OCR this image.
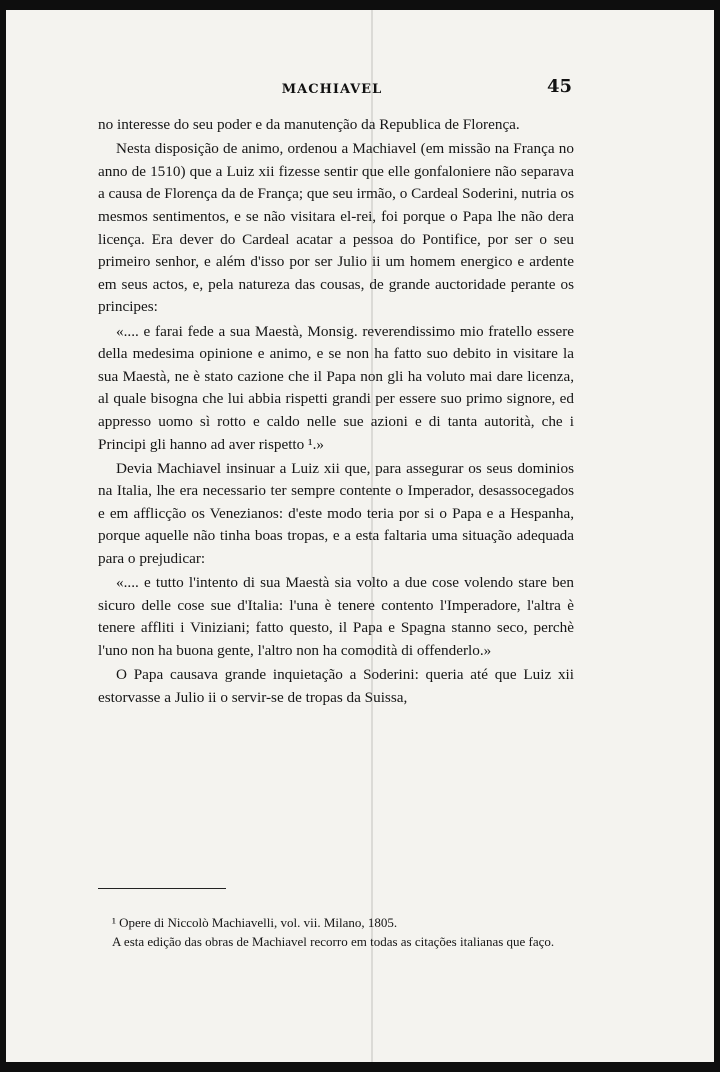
MACHIAVEL	45

no interesse do seu poder e da manutenção da Republica de Florença.

Nesta disposição de animo, ordenou a Machiavel (em missão na França no anno de 1510) que a Luiz xii fizesse sentir que elle gonfaloniere não separava a causa de Florença da de França; que seu irmão, o Cardeal Soderini, nutria os mesmos sentimentos, e se não visitara el-rei, foi porque o Papa lhe não dera licença. Era dever do Cardeal acatar a pessoa do Pontifice, por ser o seu primeiro senhor, e além d'isso por ser Julio ii um homem energico e ardente em seus actos, e, pela natureza das cousas, de grande auctoridade perante os principes:

«.... e farai fede a sua Maestà, Monsig. reverendissimo mio fratello essere della medesima opinione e animo, e se non ha fatto suo debito in visitare la sua Maestà, ne è stato cazione che il Papa non gli ha voluto mai dare licenza, al quale bisogna che lui abbia rispetti grandi per essere suo primo signore, ed appresso uomo sì rotto e caldo nelle sue azioni e di tanta autorità, che i Principi gli hanno ad aver rispetto ¹.»

Devia Machiavel insinuar a Luiz xii que, para assegurar os seus dominios na Italia, lhe era necessario ter sempre contente o Imperador, desassocegados e em afflicção os Venezianos: d'este modo teria por si o Papa e a Hespanha, porque aquelle não tinha boas tropas, e a esta faltaria uma situação adequada para o prejudicar:

«.... e tutto l'intento di sua Maestà sia volto a due cose volendo stare ben sicuro delle cose sue d'Italia: l'una è tenere contento l'Imperadore, l'altra è tenere affliti i Viniziani; fatto questo, il Papa e Spagna stanno seco, perchè l'uno non ha buona gente, l'altro non ha comodità di offenderlo.»

O Papa causava grande inquietação a Soderini: queria até que Luiz xii estorvasse a Julio ii o servir-se de tropas da Suissa,

¹ Opere di Niccolò Machiavelli, vol. vii. Milano, 1805.

A esta edição das obras de Machiavel recorro em todas as citações italianas que faço.
